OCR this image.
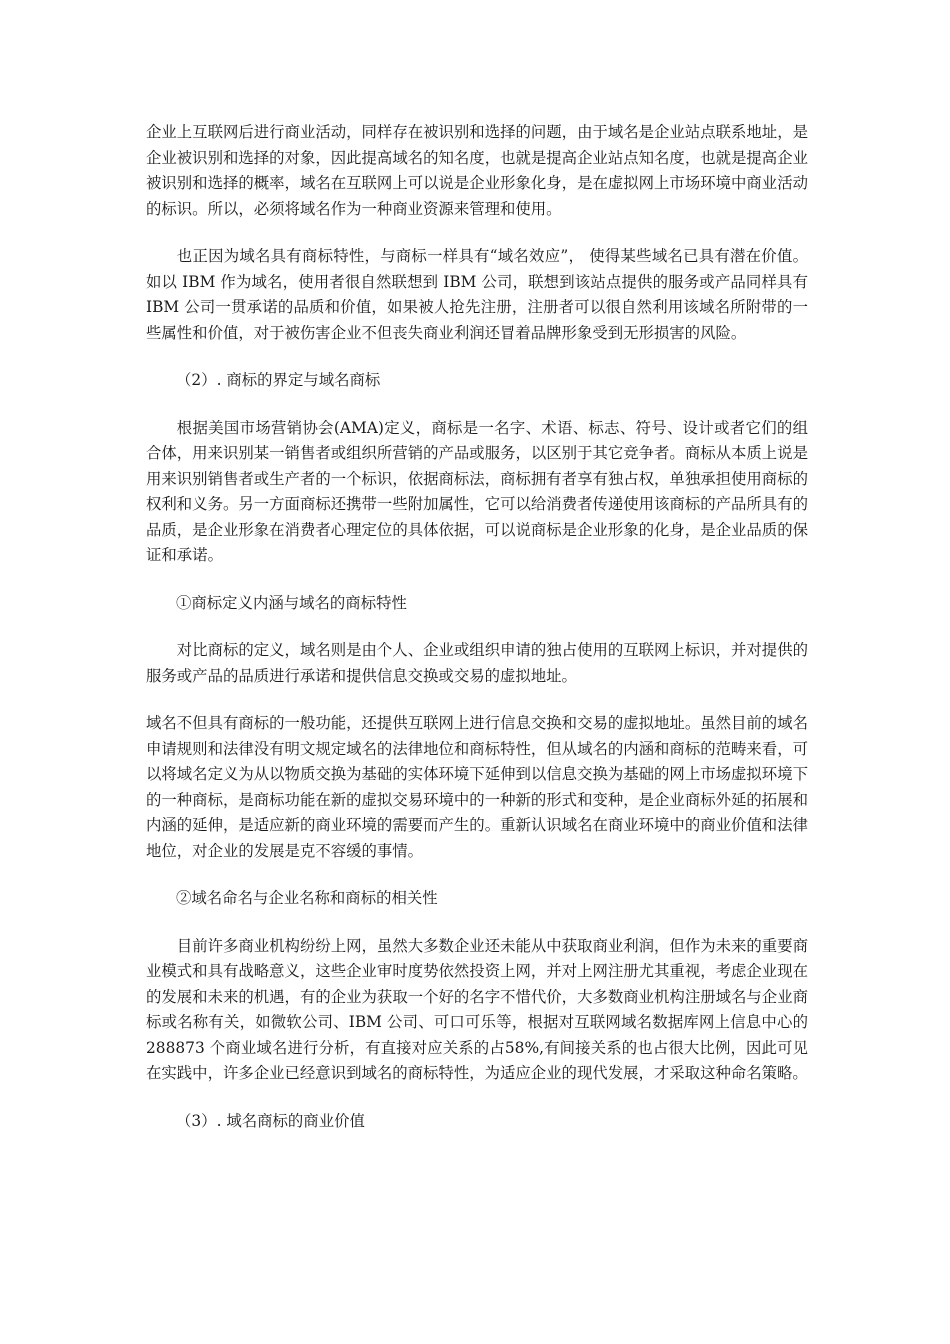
企业上互联网后进行商业活动，同样存在被识别和选择的问题，由于域名是企业站点联系地址，是企业被识别和选择的对象，因此提高域名的知名度，也就是提高企业站点知名度，也就是提高企业被识别和选择的概率，域名在互联网上可以说是企业形象化身，是在虚拟网上市场环境中商业活动的标识。所以，必须将域名作为一种商业资源来管理和使用。

也正因为域名具有商标特性，与商标一样具有“域名效应”， 使得某些域名已具有潜在价值。如以 IBM 作为域名，使用者很自然联想到 IBM 公司，联想到该站点提供的服务或产品同样具有 IBM 公司一贯承诺的品质和价值，如果被人抢先注册，注册者可以很自然利用该域名所附带的一些属性和价值，对于被伤害企业不但丧失商业利润还冒着品牌形象受到无形损害的风险。

（2）. 商标的界定与域名商标

根据美国市场营销协会(AMA)定义，商标是一名字、术语、标志、符号、设计或者它们的组合体，用来识别某一销售者或组织所营销的产品或服务，以区别于其它竞争者。商标从本质上说是用来识别销售者或生产者的一个标识，依据商标法，商标拥有者享有独占权，单独承担使用商标的权利和义务。另一方面商标还携带一些附加属性，它可以给消费者传递使用该商标的产品所具有的品质，是企业形象在消费者心理定位的具体依据，可以说商标是企业形象的化身，是企业品质的保证和承诺。

①商标定义内涵与域名的商标特性

对比商标的定义，域名则是由个人、企业或组织申请的独占使用的互联网上标识，并对提供的服务或产品的品质进行承诺和提供信息交换或交易的虚拟地址。

域名不但具有商标的一般功能，还提供互联网上进行信息交换和交易的虚拟地址。虽然目前的域名申请规则和法律没有明文规定域名的法律地位和商标特性，但从域名的内涵和商标的范畴来看，可以将域名定义为从以物质交换为基础的实体环境下延伸到以信息交换为基础的网上市场虚拟环境下的一种商标，是商标功能在新的虚拟交易环境中的一种新的形式和变种，是企业商标外延的拓展和内涵的延伸，是适应新的商业环境的需要而产生的。重新认识域名在商业环境中的商业价值和法律地位，对企业的发展是克不容缓的事情。

②域名命名与企业名称和商标的相关性

目前许多商业机构纷纷上网，虽然大多数企业还未能从中获取商业利润，但作为未来的重要商业模式和具有战略意义，这些企业审时度势依然投资上网，并对上网注册尤其重视，考虑企业现在的发展和未来的机遇，有的企业为获取一个好的名字不惜代价，大多数商业机构注册域名与企业商标或名称有关，如微软公司、IBM 公司、可口可乐等，根据对互联网域名数据库网上信息中心的 288873 个商业域名进行分析，有直接对应关系的占58%,有间接关系的也占很大比例，因此可见在实践中，许多企业已经意识到域名的商标特性，为适应企业的现代发展，才采取这种命名策略。

（3）. 域名商标的商业价值
